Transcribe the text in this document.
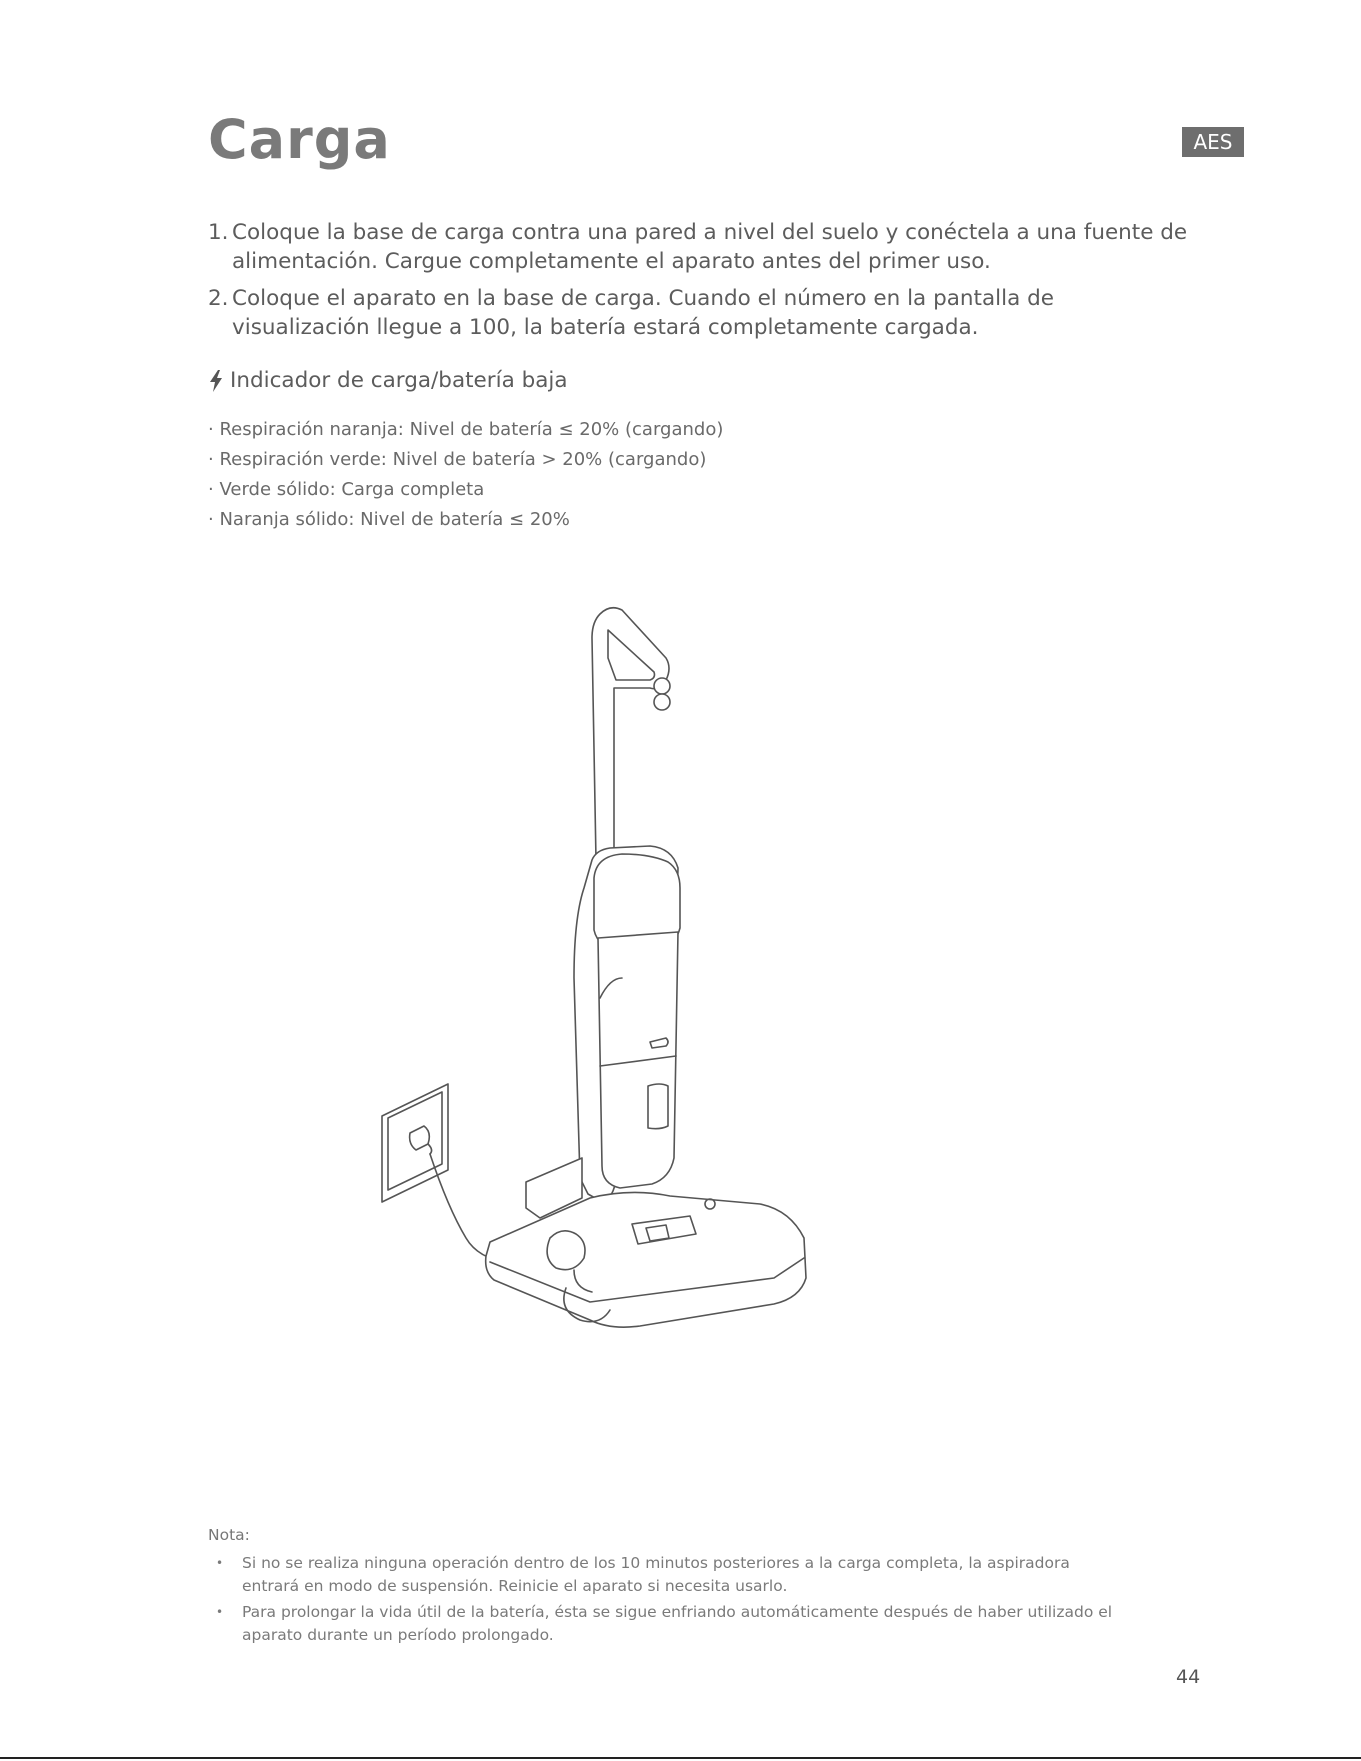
Carga	AES
1. Coloque la base de carga contra una pared a nivel del suelo y conéctela a una fuente de alimentación. Cargue completamente el aparato antes del primer uso.
2. Coloque el aparato en la base de carga. Cuando el número en la pantalla de visualización llegue a 100, la batería estará completamente cargada.
Indicador de carga/batería baja
· Respiración naranja: Nivel de batería ≤ 20% (cargando)
· Respiración verde: Nivel de batería > 20% (cargando)
· Verde sólido: Carga completa
· Naranja sólido: Nivel de batería ≤ 20%
Nota:
• Si no se realiza ninguna operación dentro de los 10 minutos posteriores a la carga completa, la aspiradora entrará en modo de suspensión. Reinicie el aparato si necesita usarlo.
• Para prolongar la vida útil de la batería, ésta se sigue enfriando automáticamente después de haber utilizado el aparato durante un período prolongado.
44
